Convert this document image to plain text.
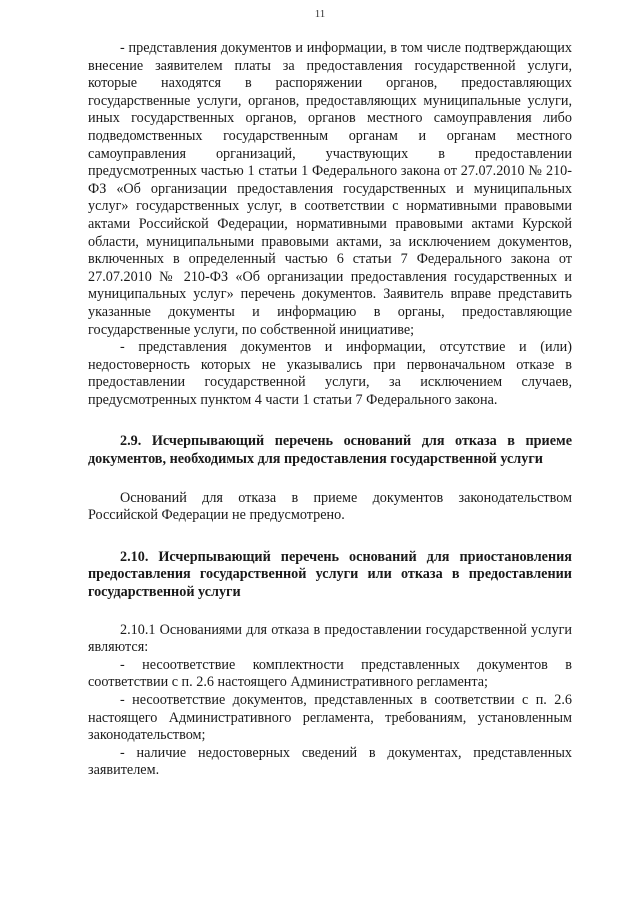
11

- представления документов и информации, в том числе подтверждающих внесение заявителем платы за предоставления государственной услуги, которые находятся в распоряжении органов, предоставляющих государственные услуги, органов, предоставляющих муниципальные услуги, иных государственных органов, органов местного самоуправления либо подведомственных государственным органам и органам местного самоуправления организаций, участвующих в предоставлении предусмотренных частью 1 статьи 1 Федерального закона от 27.07.2010 № 210-ФЗ «Об организации предоставления государственных и муниципальных услуг» государственных услуг, в соответствии с нормативными правовыми актами Российской Федерации, нормативными правовыми актами Курской области, муниципальными правовыми актами, за исключением документов, включенных в определенный частью 6 статьи 7 Федерального закона от 27.07.2010 № 210-ФЗ «Об организации предоставления государственных и муниципальных услуг» перечень документов. Заявитель вправе представить указанные документы и информацию в органы, предоставляющие государственные услуги, по собственной инициативе;

- представления документов и информации, отсутствие и (или) недостоверность которых не указывались при первоначальном отказе в предоставлении государственной услуги, за исключением случаев, предусмотренных пунктом 4 части 1 статьи 7 Федерального закона.

2.9. Исчерпывающий перечень оснований для отказа в приеме документов, необходимых для предоставления государственной услуги

Оснований для отказа в приеме документов законодательством Российской Федерации не предусмотрено.

2.10. Исчерпывающий перечень оснований для приостановления предоставления государственной услуги или отказа в предоставлении государственной услуги

2.10.1 Основаниями для отказа в предоставлении государственной услуги являются:

- несоответствие комплектности представленных документов в соответствии с п. 2.6 настоящего Административного регламента;

- несоответствие документов, представленных в соответствии с п. 2.6 настоящего Административного регламента, требованиям, установленным законодательством;

- наличие недостоверных сведений в документах, представленных заявителем.
